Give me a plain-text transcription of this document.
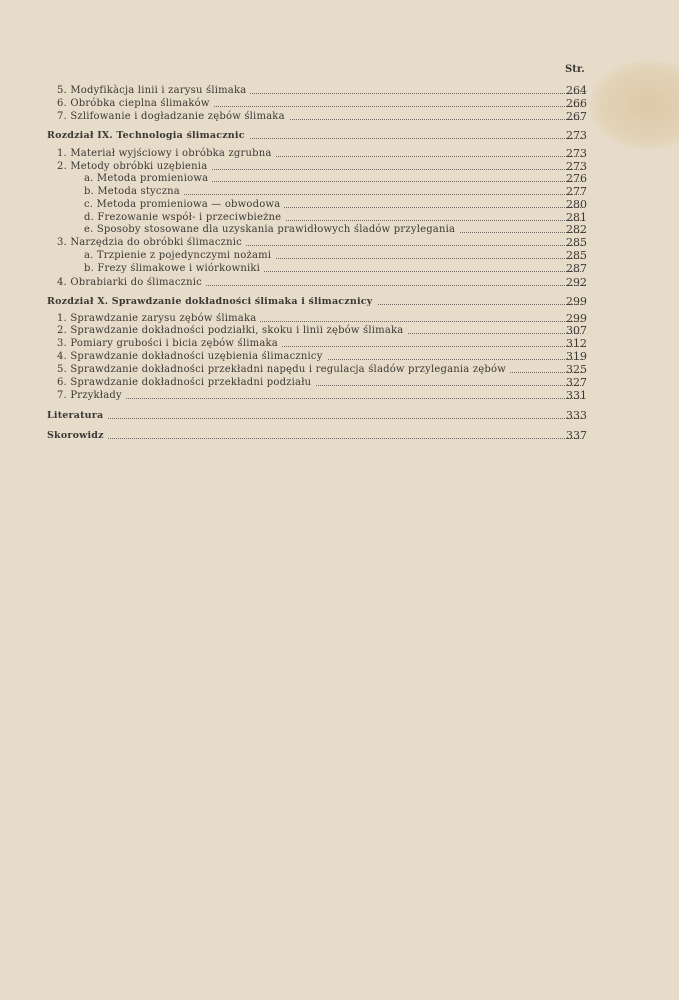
Str.
5. Modyfikàcja linii i zarysu ślimaka	264
6. Obróbka cieplna ślimaków	266
7. Szlifowanie i dogładzanie zębów ślimaka	267
Rozdział IX. Technologia ślimacznic	273
1. Materiał wyjściowy i obróbka zgrubna	273
2. Metody obróbki uzębienia	273
a. Metoda promieniowa	276
b. Metoda styczna	277
c. Metoda promieniowa — obwodowa	280
d. Frezowanie współ- i przeciwbieżne	281
e. Sposoby stosowane dla uzyskania prawidłowych śladów przylegania	282
3. Narzędzia do obróbki ślimacznic	285
a. Trzpienie z pojedynczymi nożami	285
b. Frezy ślimakowe i wiórkowniki	287
4. Obrabiarki do ślimacznic	292
Rozdział X. Sprawdzanie dokładności ślimaka i ślimacznicy	299
1. Sprawdzanie zarysu zębów ślimaka	299
2. Sprawdzanie dokładności podziałki, skoku i linii zębów ślimaka	307
3. Pomiary grubości i bicia zębów ślimaka	312
4. Sprawdzanie dokładności uzębienia ślimacznicy	319
5. Sprawdzanie dokładności przekładni napędu i regulacja śladów przylegania zębów	325
6. Sprawdzanie dokładności przekładni podziału	327
7. Przykłady	331
Literatura	333
Skorowidz	337
